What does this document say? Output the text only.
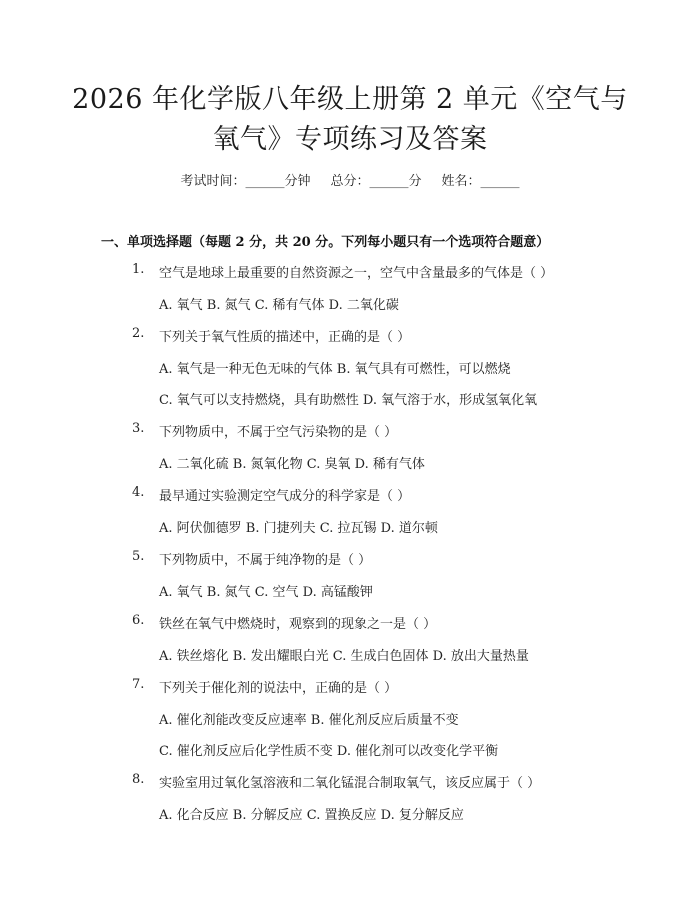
2026 年化学版八年级上册第 2 单元《空气与
氧气》专项练习及答案
考试时间：______分钟 总分：______分 姓名：______
一、单项选择题（每题 2 分，共 20 分。下列每小题只有一个选项符合题意）
1. 空气是地球上最重要的自然资源之一，空气中含量最多的气体是（ ）
A. 氧气 B. 氮气 C. 稀有气体 D. 二氧化碳
2. 下列关于氧气性质的描述中，正确的是（ ）
A. 氧气是一种无色无味的气体 B. 氧气具有可燃性，可以燃烧
C. 氧气可以支持燃烧，具有助燃性 D. 氧气溶于水，形成氢氧化氧
3. 下列物质中，不属于空气污染物的是（ ）
A. 二氧化硫 B. 氮氧化物 C. 臭氧 D. 稀有气体
4. 最早通过实验测定空气成分的科学家是（ ）
A. 阿伏伽德罗 B. 门捷列夫 C. 拉瓦锡 D. 道尔顿
5. 下列物质中，不属于纯净物的是（ ）
A. 氧气 B. 氮气 C. 空气 D. 高锰酸钾
6. 铁丝在氧气中燃烧时，观察到的现象之一是（ ）
A. 铁丝熔化 B. 发出耀眼白光 C. 生成白色固体 D. 放出大量热量
7. 下列关于催化剂的说法中，正确的是（ ）
A. 催化剂能改变反应速率 B. 催化剂反应后质量不变
C. 催化剂反应后化学性质不变 D. 催化剂可以改变化学平衡
8. 实验室用过氧化氢溶液和二氧化锰混合制取氧气，该反应属于（ ）
A. 化合反应 B. 分解反应 C. 置换反应 D. 复分解反应
